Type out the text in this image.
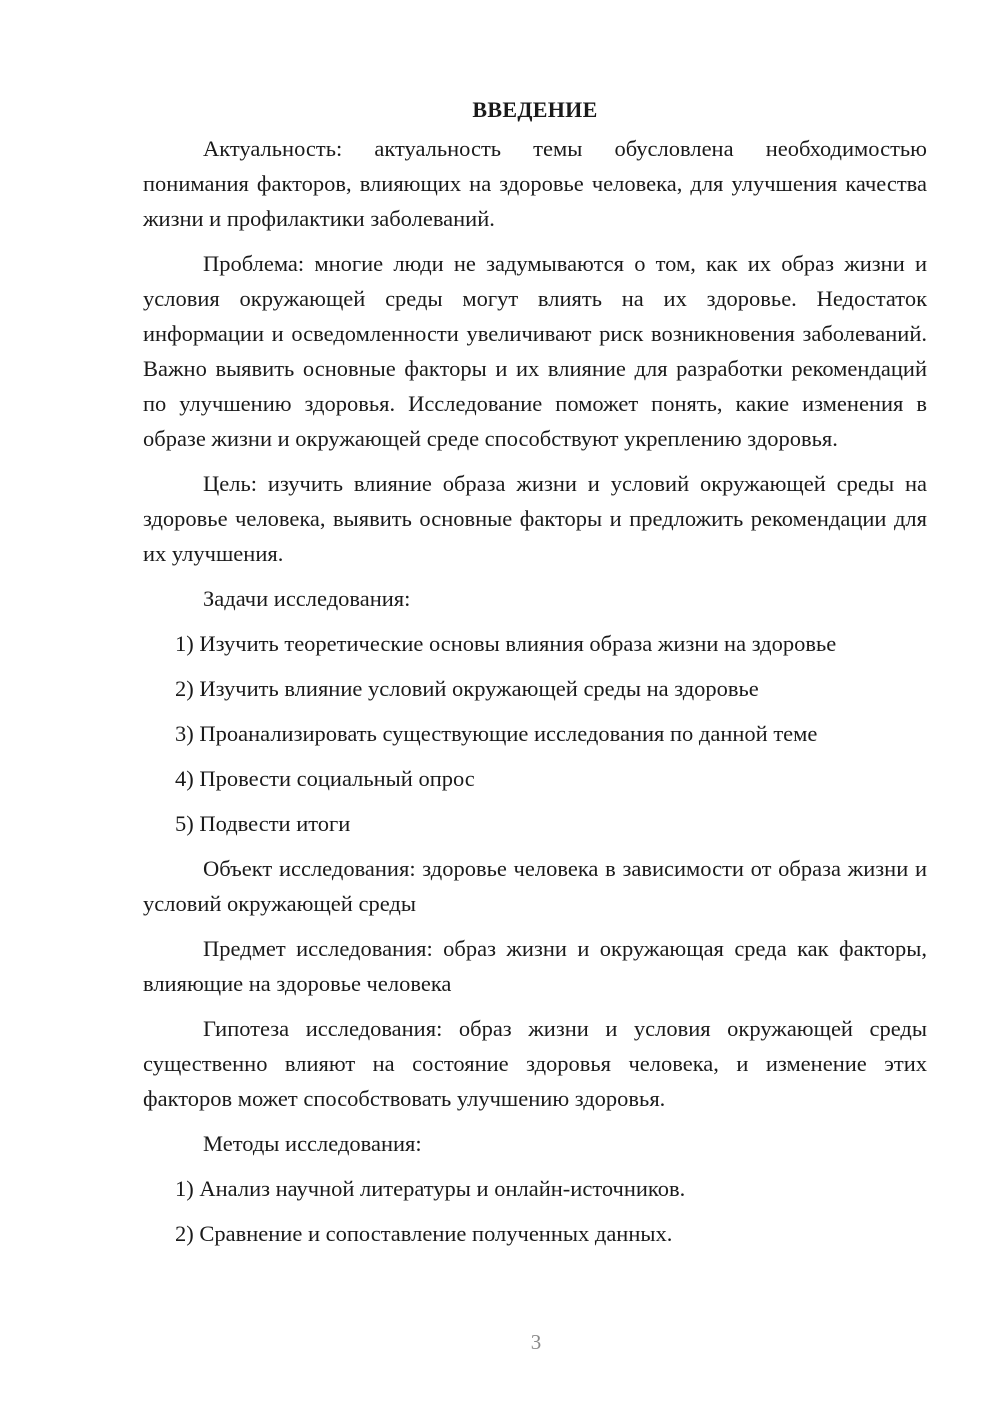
ВВЕДЕНИЕ

Актуальность: актуальность темы обусловлена необходимостью понимания факторов, влияющих на здоровье человека, для улучшения качества жизни и профилактики заболеваний.

Проблема: многие люди не задумываются о том, как их образ жизни и условия окружающей среды могут влиять на их здоровье. Недостаток информации и осведомленности увеличивают риск возникновения заболеваний. Важно выявить основные факторы и их влияние для разработки рекомендаций по улучшению здоровья. Исследование поможет понять, какие изменения в образе жизни и окружающей среде способствуют укреплению здоровья.

Цель: изучить влияние образа жизни и условий окружающей среды на здоровье человека, выявить основные факторы и предложить рекомендации для их улучшения.

Задачи исследования:

1) Изучить теоретические основы влияния образа жизни на здоровье
2) Изучить влияние условий окружающей среды на здоровье
3) Проанализировать существующие исследования по данной теме
4) Провести социальный опрос
5) Подвести итоги

Объект исследования: здоровье человека в зависимости от образа жизни и условий окружающей среды

Предмет исследования: образ жизни и окружающая среда как факторы, влияющие на здоровье человека

Гипотеза исследования: образ жизни и условия окружающей среды существенно влияют на состояние здоровья человека, и изменение этих факторов может способствовать улучшению здоровья.

Методы исследования:

1) Анализ научной литературы и онлайн-источников.
2) Сравнение и сопоставление полученных данных.
3
